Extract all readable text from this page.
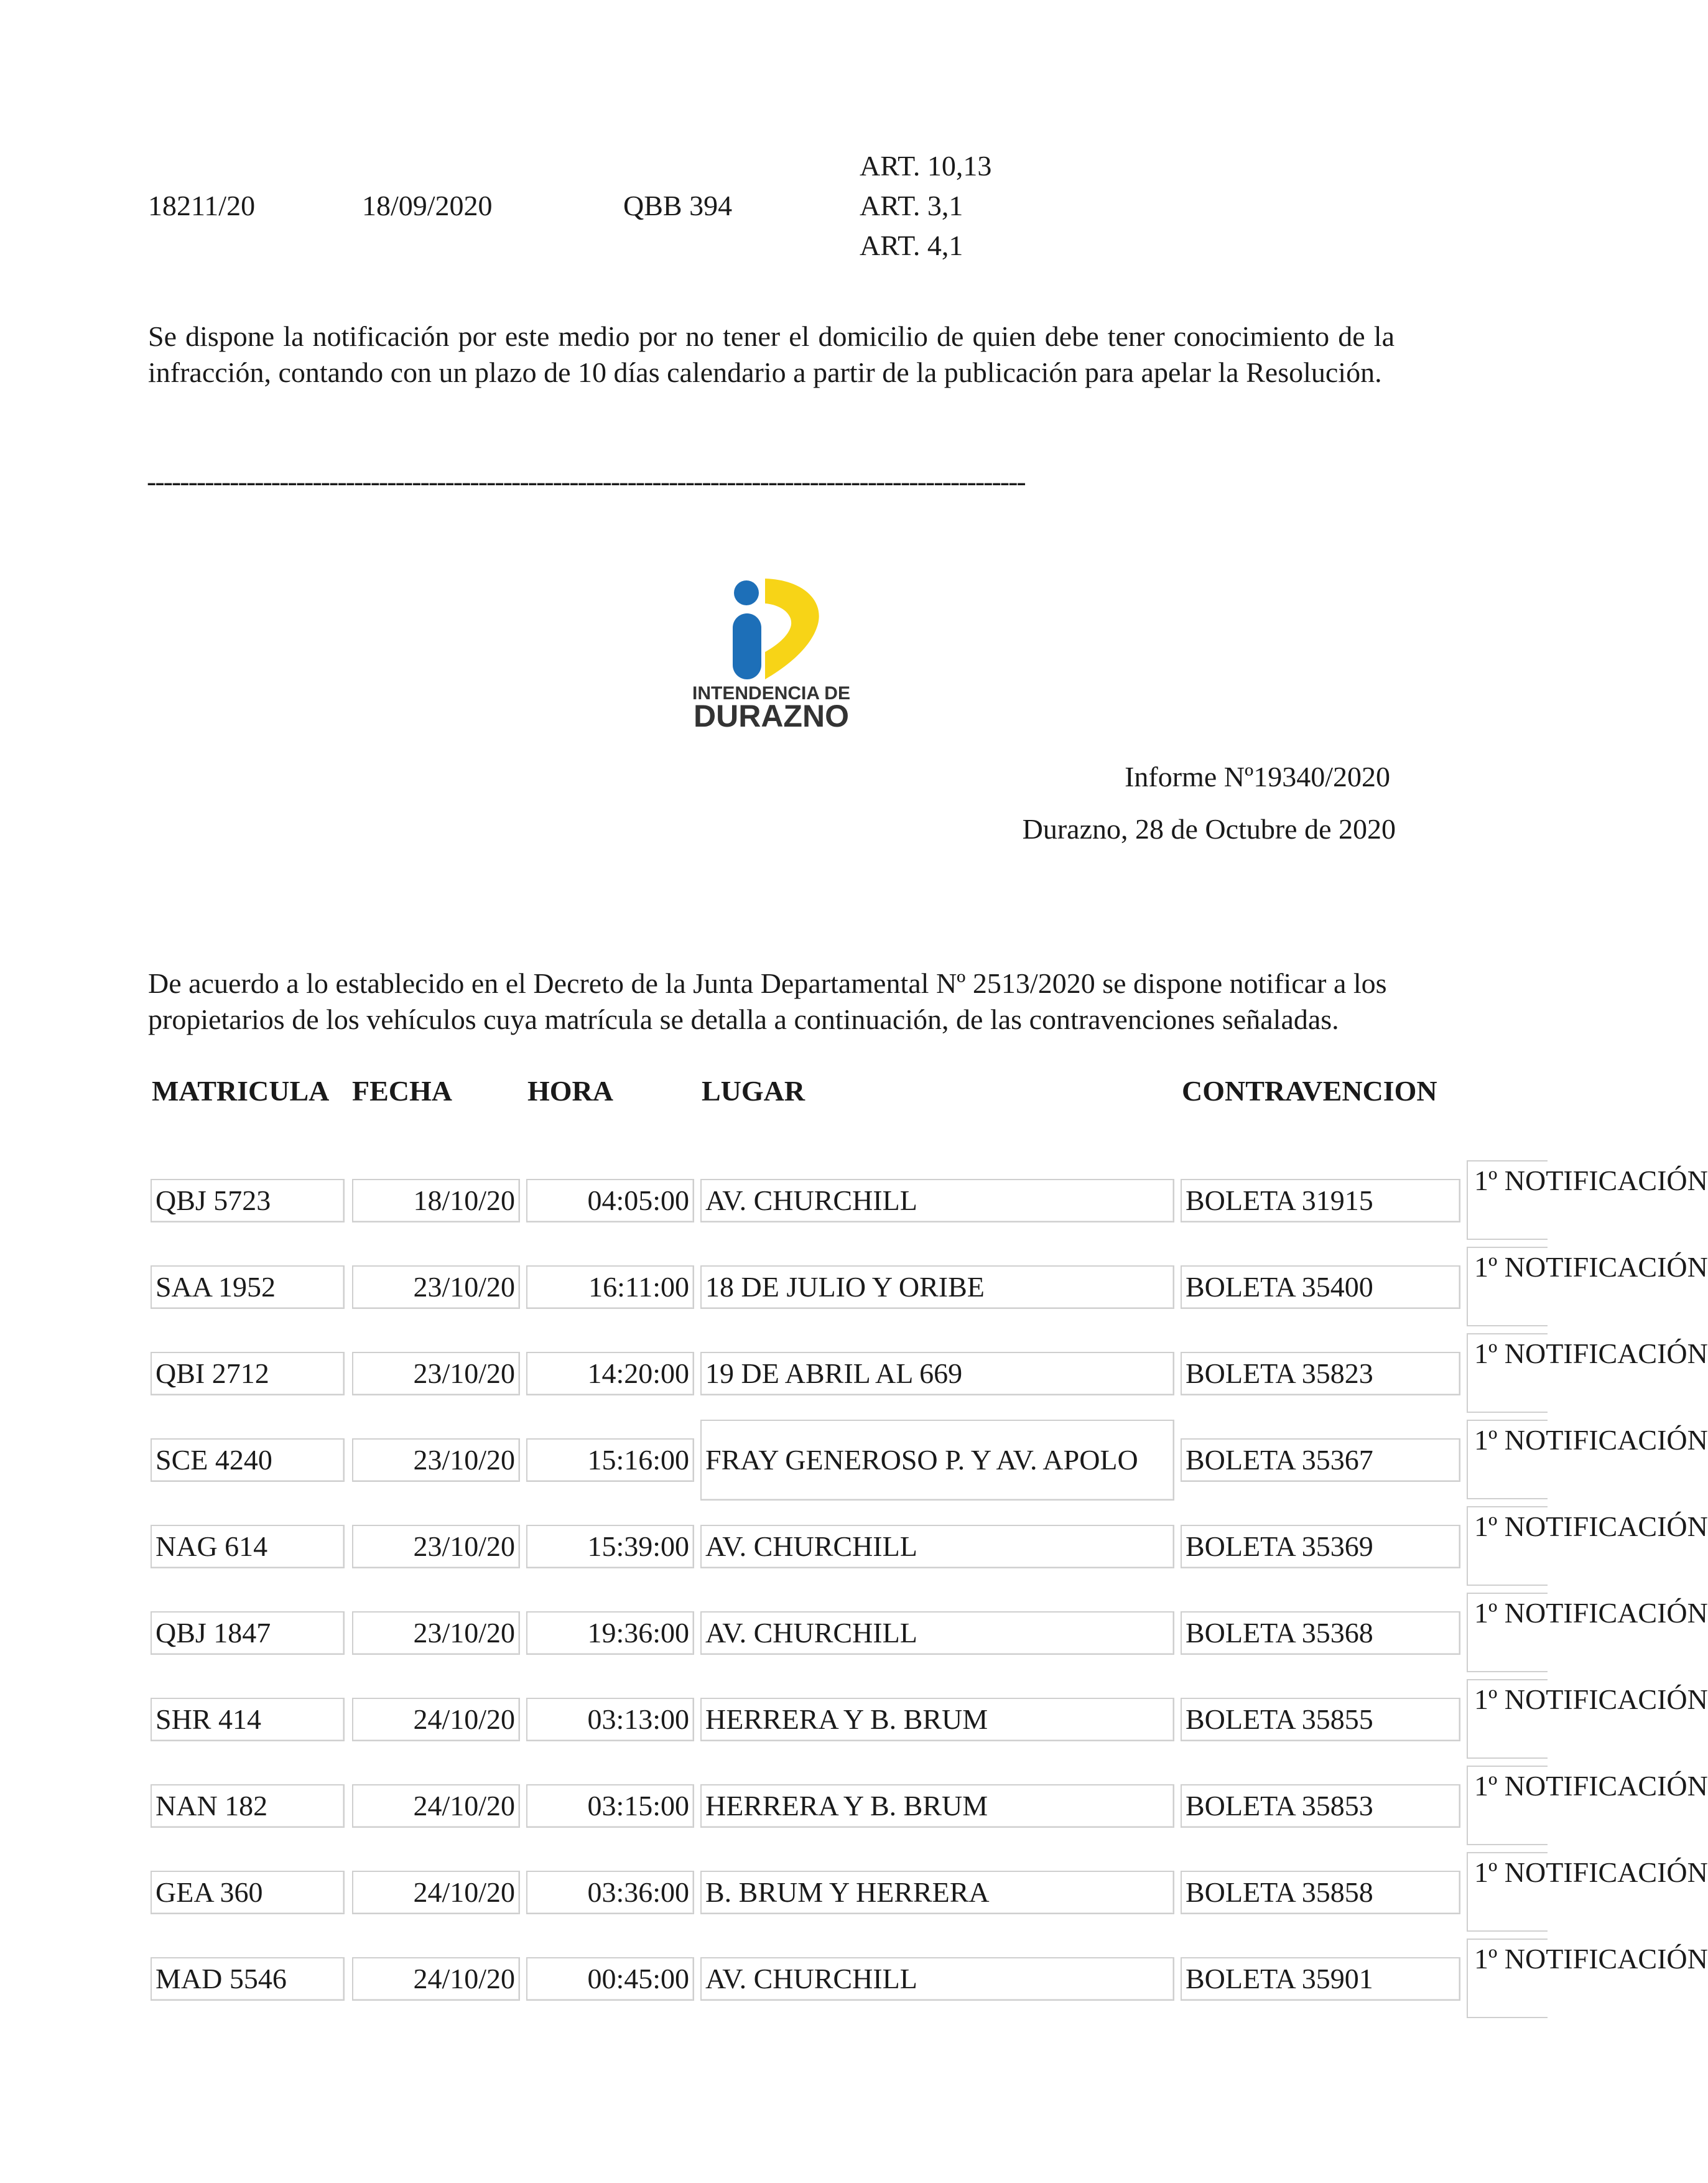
18211/20	18/09/2020	QBB 394
ART. 10,13
ART. 3,1
ART. 4,1
Se dispone la notificación por este medio por no tener el domicilio de quien debe tener conocimiento de la infracción, contando con un plazo de 10 días calendario a partir de la publicación para apelar la Resolución.
----------------------------------------------------------------------------------------------------------
INTENDENCIA DE
DURAZNO
Informe Nº19340/2020
Durazno, 28 de Octubre de 2020
De acuerdo a lo establecido en el Decreto de la Junta Departamental Nº 2513/2020 se dispone notificar a los propietarios de los vehículos cuya matrícula se detalla a continuación, de las contravenciones señaladas.
MATRICULA FECHA	HORA	LUGAR	CONTRAVENCION
QBJ 5723	18/10/20	04:05:00 AV. CHURCHILL	BOLETA 31915
1º NOTIFICACIÓN
SAA 1952	23/10/20	16:11:00 18 DE JULIO Y ORIBE	BOLETA 35400
1º NOTIFICACIÓN
QBI 2712	23/10/20	14:20:00 19 DE ABRIL AL 669	BOLETA 35823
1º NOTIFICACIÓN
SCE 4240	23/10/20	15:16:00 FRAY GENEROSO P. Y AV. APOLO	BOLETA 35367
1º NOTIFICACIÓN
NAG 614	23/10/20	15:39:00 AV. CHURCHILL	BOLETA 35369
1º NOTIFICACIÓN
QBJ 1847	23/10/20	19:36:00 AV. CHURCHILL	BOLETA 35368
1º NOTIFICACIÓN
SHR 414	24/10/20	03:13:00 HERRERA Y B. BRUM	BOLETA 35855
1º NOTIFICACIÓN
NAN 182	24/10/20	03:15:00 HERRERA Y B. BRUM	BOLETA 35853
1º NOTIFICACIÓN
GEA 360	24/10/20	03:36:00 B. BRUM Y HERRERA	BOLETA 35858
1º NOTIFICACIÓN
MAD 5546	24/10/20	00:45:00 AV. CHURCHILL	BOLETA 35901
1º NOTIFICACIÓN
